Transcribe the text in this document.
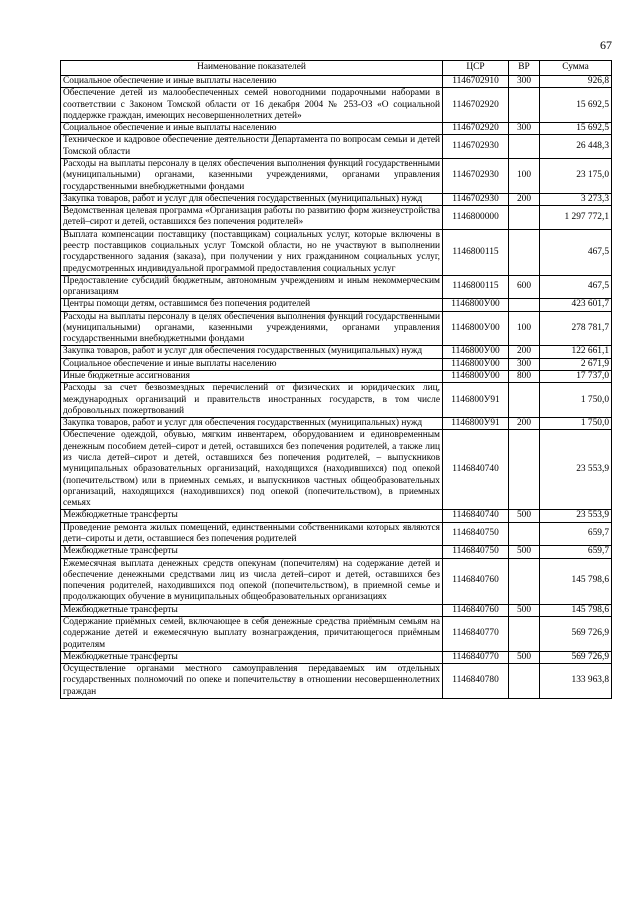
67
Наименование показателей	ЦСР	ВР	Сумма
Социальное обеспечение и иные выплаты населению	1146702910	300	926,8
Обеспечение детей из малообеспеченных семей новогодними подарочными наборами в соответствии с Законом Томской области от 16 декабря 2004 № 253-ОЗ «О социальной поддержке граждан, имеющих несовершеннолетних детей»	1146702920		15 692,5
Социальное обеспечение и иные выплаты населению	1146702920	300	15 692,5
Техническое и кадровое обеспечение деятельности Департамента по вопросам семьи и детей Томской области	1146702930		26 448,3
Расходы на выплаты персоналу в целях обеспечения выполнения функций государственными (муниципальными) органами, казенными учреждениями, органами управления государственными внебюджетными фондами	1146702930	100	23 175,0
Закупка товаров, работ и услуг для обеспечения государственных (муниципальных) нужд	1146702930	200	3 273,3
Ведомственная целевая программа «Организация работы по развитию форм жизнеустройства детей–сирот и детей, оставшихся без попечения родителей»	1146800000		1 297 772,1
Выплата компенсации поставщику (поставщикам) социальных услуг, которые включены в реестр поставщиков социальных услуг Томской области, но не участвуют в выполнении государственного задания (заказа), при получении у них гражданином социальных услуг, предусмотренных индивидуальной программой предоставления социальных услуг	1146800115		467,5
Предоставление субсидий бюджетным, автономным учреждениям и иным некоммерческим организациям	1146800115	600	467,5
Центры помощи детям, оставшимся без попечения родителей	1146800У00		423 601,7
Расходы на выплаты персоналу в целях обеспечения выполнения функций государственными (муниципальными) органами, казенными учреждениями, органами управления государственными внебюджетными фондами	1146800У00	100	278 781,7
Закупка товаров, работ и услуг для обеспечения государственных (муниципальных) нужд	1146800У00	200	122 661,1
Социальное обеспечение и иные выплаты населению	1146800У00	300	2 671,9
Иные бюджетные ассигнования	1146800У00	800	17 737,0
Расходы за счет безвозмездных перечислений от физических и юридических лиц, международных организаций и правительств иностранных государств, в том числе добровольных пожертвований	1146800У91		1 750,0
Закупка товаров, работ и услуг для обеспечения государственных (муниципальных) нужд	1146800У91	200	1 750,0
Обеспечение одеждой, обувью, мягким инвентарем, оборудованием и единовременным денежным пособием детей–сирот и детей, оставшихся без попечения родителей, а также лиц из числа детей–сирот и детей, оставшихся без попечения родителей, – выпускников муниципальных образовательных организаций, находящихся (находившихся) под опекой (попечительством) или в приемных семьях, и выпускников частных общеобразовательных организаций, находящихся (находившихся) под опекой (попечительством), в приемных семьях	1146840740		23 553,9
Межбюджетные трансферты	1146840740	500	23 553,9
Проведение ремонта жилых помещений, единственными собственниками которых являются дети–сироты и дети, оставшиеся без попечения родителей	1146840750		659,7
Межбюджетные трансферты	1146840750	500	659,7
Ежемесячная выплата денежных средств опекунам (попечителям) на содержание детей и обеспечение денежными средствами лиц из числа детей–сирот и детей, оставшихся без попечения родителей, находившихся под опекой (попечительством), в приемной семье и продолжающих обучение в муниципальных общеобразовательных организациях	1146840760		145 798,6
Межбюджетные трансферты	1146840760	500	145 798,6
Содержание приёмных семей, включающее в себя денежные средства приёмным семьям на содержание детей и ежемесячную выплату вознаграждения, причитающегося приёмным родителям	1146840770		569 726,9
Межбюджетные трансферты	1146840770	500	569 726,9
Осуществление органами местного самоуправления передаваемых им отдельных государственных полномочий по опеке и попечительству в отношении несовершеннолетних граждан	1146840780		133 963,8
